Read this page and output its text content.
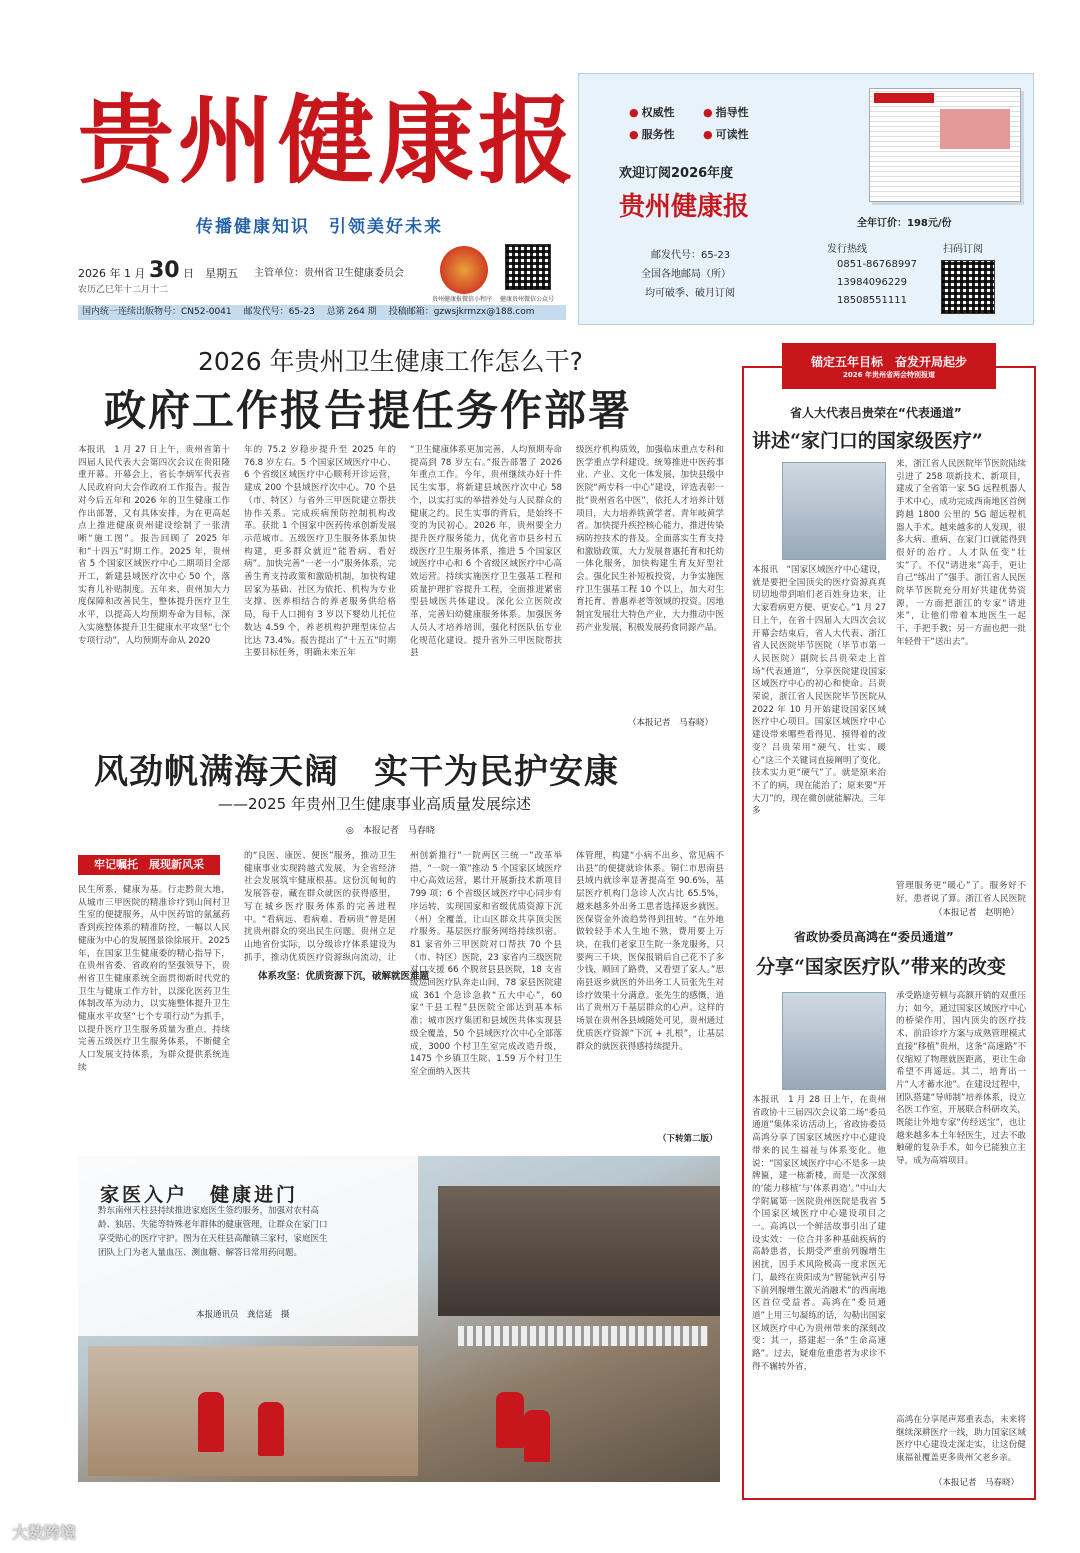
贵州健康报
传播健康知识　引领美好未来
2026 年 1 月 30 日　星期五
农历乙巳年十二月十二
主管单位：贵州省卫生健康委员会
贵州健康报微信小程序 健康贵州微信公众号
国内统一连续出版物号：CN52-0041 邮发代号：65-23 总第 264 期 投稿邮箱：gzwsjkrmzx@188.com
● 权威性	● 指导性
● 服务性	● 可读性
欢迎订阅2026年度
贵州健康报
邮发代号：65-23
全国各地邮局（所）
均可破季、破月订阅
全年订价：198元/份
发行热线
0851-86768997
13984096229
18508551111
扫码订阅
2026 年贵州卫生健康工作怎么干?
政府工作报告提任务作部署
本报讯　1 月 27 日上午，贵州省第十四届人民代表大会第四次会议在贵阳隆重开幕。开幕会上，省长李炳军代表省人民政府向大会作政府工作报告。报告对今后五年和 2026 年的卫生健康工作作出部署，又有具体安排，为在更高起点上推进健康贵州建设绘制了一张清晰“施工图”。报告回顾了 2025 年和“十四五”时期工作。2025 年，贵州省 5 个国家区域医疗中心二期项目全部开工，新建县域医疗次中心 50 个，落实育儿补贴制度。五年来，贵州加大力度保障和改善民生，整体提升医疗卫生水平，以提高人均预期寿命为目标，深入实施整体提升卫生健康水平攻坚“七个专项行动”，人均预期寿命从 2020
年的 75.2 岁稳步提升至 2025 年的 76.8 岁左右。5 个国家区域医疗中心、6 个省级区域医疗中心顺利开诊运营，建成 200 个县域医疗次中心。70 个县（市、特区）与省外三甲医院建立帮扶协作关系。完成疾病预防控制机构改革。获批 1 个国家中医药传承创新发展示范城市。五级医疗卫生服务体系加快构建，更多群众就近“能看病、看好病”。加快完善“一老一小”服务体系，完善生育支持政策和激励机制，加快构建居家为基础、社区为依托、机构为专业支撑、医养相结合的养老服务供给格局，每千人口拥有 3 岁以下婴幼儿托位数达 4.59 个，养老机构护理型床位占比达 73.4%。报告提出了“十五五”时期主要目标任务，明确未来五年
“卫生健康体系更加完善，人均预期寿命提高到 78 岁左右。”报告部署了 2026 年重点工作。今年，贵州继续办好十件民生实事，将新建县域医疗次中心 58 个，以实打实的举措养处与人民群众的健康之约。民生实事的背后，是始终不变的为民初心。2026 年，贵州要全力提升医疗服务能力，优化省市县乡村五级医疗卫生服务体系，推进 5 个国家区域医疗中心和 6 个省级区域医疗中心高效运营。持续实施医疗卫生强基工程和质量护理扩容提升工程，全面推进紧密型县域医共体建设。深化公立医院改革，完善妇幼健康服务体系。加强医务人员人才培养培训，强化村医队伍专业化规范化建设。提升省外三甲医院帮扶县
级医疗机构质效，加强临床重点专科和医学重点学科建设。统筹推进中医药事业、产业、文化一体发展，加快县级中医院“两专科一中心”建设，评选表彰一批“贵州省名中医”，依托人才培养计划项目，大力培养铁黄学者、青年岐黄学者。加快提升疾控核心能力，推进传染病防控技术的普及。全面落实生育支持和激励政策，大力发展普惠托育和托幼一体化服务，加快构建生育友好型社会。强化民生补短板投资，力争实施医疗卫生强基工程 10 个以上，加大对生育托育、普惠养老等领域的投资。因地制宜发展壮大特色产业，大力推动中医药产业发展，积极发展药食同源产品。
（本报记者　马春晓）
风劲帆满海天阔　实干为民护安康
——2025 年贵州卫生健康事业高质量发展综述
◎　本报记者　马春晓
牢记嘱托　展现新风采
民生所系，健康为基。行走黔贵大地，从城市三甲医院的精准诊疗到山间村卫生室的便捷服务，从中医药馆的氤氲药香到疾控体系的精准防控，一幅以人民健康为中心的发展图景徐徐展开。2025 年，在国家卫生健康委的精心指导下，在贵州省委、省政府的坚强领导下，贵州省卫生健康系统全面贯彻新时代党的卫生与健康工作方针，以深化医药卫生体制改革为动力，以实施整体提升卫生健康水平攻坚“七个专项行动”为抓手，以提升医疗卫生服务质量为重点，持续完善五级医疗卫生服务体系，不断健全人口发展支持体系，为群众提供系统连续
的“良医、康医、便医”服务，推动卫生健康事业实现跨越式发展，为全省经济社会发展筑牢健康根基。这份沉甸甸的发展答卷，藏在群众就医的获得感里，写在城乡医疗服务体系的完善进程中。“看病远、看病难、看病贵”曾是困扰贵州群众的突出民生问题。贵州立足山地省份实际，以分级诊疗体系建设为抓手，推动优质医疗资源纵向流动，让
体系攻坚：优质资源下沉，破解就医难题
州创新推行“一院两区三统一”改革举措，“一院一策”推动 5 个国家区域医疗中心高效运营，累计开展新技术新项目 799 项；6 个省级区域医疗中心同步有序运转，实现国家和省级优质资源下沉（州）全覆盖，让山区群众共享顶尖医疗服务。基层医疗服务网络持续织密。81 家省外三甲医院对口帮扶 70 个县（市、特区）医院，23 家省内三级医院对口支援 66 个脱贫县县医院，18 支省级巡回医疗队奔走山间，78 家县医院建成 361 个急诊急救“五大中心”，60 家“千县工程”县医院全部达到基本标准；城市医疗集团和县域医共体实现县级全覆盖，50 个县域医疗次中心全部落成，3000 个村卫生室完成改造升级，1475 个乡镇卫生院、1.59 万个村卫生室全面纳入医共
体管理，构建“小病不出乡、常见病不出县”的便捷就诊体系。铜仁市思南县县域内就诊率显著提高至 90.6%，基层医疗机构门急诊人次占比 65.5%，越来越多外出务工患者选择返乡就医。医保资金外流趋势得到扭转。“在外地做较轻手术人生地不熟，费用要上万块，在我们老家卫生院一条龙服务，只要两三千块，医保报销后自己花不了多少钱，顾回了路费，又看望了家人。”思南县返乡就医的外出务工人员张先生对诊疗效果十分满意。张先生的感慨，道出了贵州万千基层群众的心声。这样的场景在贵州各县域随处可见，贵州通过优质医疗资源“下沉 + 扎根”，让基层群众的就医获得感持续提升。
（下转第二版）
锚定五年目标　奋发开局起步
2026 年贵州省两会特别报道
省人大代表吕贵荣在“代表通道”
讲述“家门口的国家级医疗”
来，浙江省人民医院毕节医院陆续引进了 258 项新技术、新项目，建成了全省第一家 5G 远程机器人手术中心，成功完成西南地区首例跨越 1800 公里的 5G 超远程机器人手术。越来越多的人发现，很多大病、重病，在家门口就能得到很好的治疗。人才队伍变“壮实”了。不仅“请进来”高手，更让自己“练出了”强手。浙江省人民医院毕节医院充分用好共建优势资源，一方面把浙江的专家“请进来”，让他们带着本地医生一起干、手把手教；另一方面也把一批年轻骨干“送出去”。
本报讯　“国家区域医疗中心建设，就是要把全国顶尖的医疗资源真真切切地带到咱们老百姓身边来，让大家看病更方便、更安心。”1 月 27 日上午，在省十四届人大四次会议开幕会结束后，省人大代表、浙江省人民医院毕节医院（毕节市第一人民医院）副院长吕贵荣走上首场“代表通道”，分享医院建设国家区域医疗中心的初心和使命。吕贵荣说，浙江省人民医院毕节医院从 2022 年 10 月开始建设国家区域医疗中心项目。国家区域医疗中心建设带来哪些看得见、摸得着的改变？吕贵荣用“硬气、壮实、暖心”这三个关键词直接阐明了变化。技术实力更“硬气”了。就是原来治不了的病，现在能治了；原来要“开大刀”的，现在微创就能解决。三年多
管理服务更“暖心”了。服务好不好，患者说了算。浙江省人民医院
（本报记者　赵明艳）
省政协委员高鸿在“委员通道”
分享“国家医疗队”带来的改变
承受路途劳顿与高额开销的双重压力；如今，通过国家区域医疗中心的桥梁作用，国内顶尖的医疗技术、前沿诊疗方案与成熟管理模式直接“移植”贵州，这条“高速路”不仅缩短了物理就医距离，更让生命希望不再遥远。其二，培育出一片“人才蓄水池”。在建设过程中，团队搭建“导师制”培养体系，设立名医工作室，开展联合科研攻关，既能让外地专家“传经送宝”，也让越来越多本土年轻医生，过去不敢触碰的复杂手术，如今已能独立主导，成为高端项目。
本报讯　1 月 28 日上午，在贵州省政协十三届四次会议第二场“委员通道”集体采访活动上，省政协委员高鸿分享了国家区域医疗中心建设带来的民生福祉与体系变化。他说：“国家区域医疗中心不是多一块牌匾，建一栋新楼，而是一次深刻的‘能力移植’与‘体系再造’。”中山大学附属第一医院贵州医院是我省 5 个国家区域医疗中心建设项目之一。高鸿以一个鲜活故事引出了建设实效：一位合并多种基础疾病的高龄患者，长期受严重前列腺增生困扰，因手术风险极高一度求医无门，最终在贵阳成为“智能钬声引导下前列腺增生激光消融术”的西南地区首位受益者。高鸿在“委员通道”上用三句凝练的话，勾勒出国家区域医疗中心为贵州带来的深刻改变：其一，搭建起一条“生命高速路”。过去，疑难危重患者为求诊不得不辗转外省，
高鸿在分享尾声郑重表态，未来将继续深耕医疗一线，助力国家区域医疗中心建设走深走实，让这份健康福祉覆盖更多贵州父老乡亲。
（本报记者　马春晓）
家医入户　健康进门
黔东南州天柱县持续推进家庭医生签约服务，加强对农村高龄、独居、失能等特殊老年群体的健康管理，让群众在家门口享受贴心的医疗守护。图为在天柱县高酿镇三家村，家庭医生团队上门为老人量血压、测血糖、解答日常用药问题。
本报通讯员　龚信延　摄
大数跨境
